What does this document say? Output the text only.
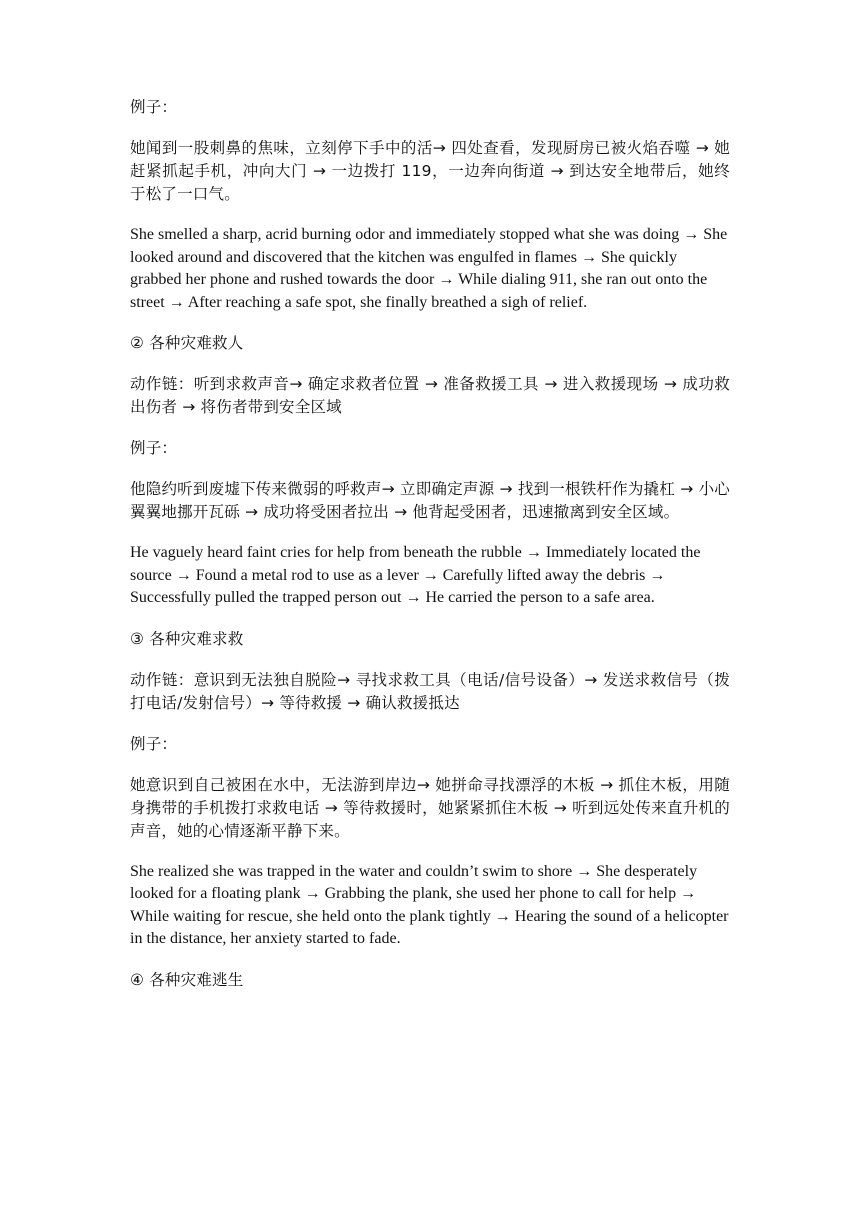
例子：

她闻到一股刺鼻的焦味，立刻停下手中的活→ 四处查看，发现厨房已被火焰吞噬 → 她赶紧抓起手机，冲向大门 → 一边拨打 119，一边奔向街道 → 到达安全地带后，她终于松了一口气。

She smelled a sharp, acrid burning odor and immediately stopped what she was doing → She looked around and discovered that the kitchen was engulfed in flames → She quickly grabbed her phone and rushed towards the door → While dialing 911, she ran out onto the street → After reaching a safe spot, she finally breathed a sigh of relief.

② 各种灾难救人

动作链：听到求救声音→ 确定求救者位置 → 准备救援工具 → 进入救援现场 → 成功救出伤者 → 将伤者带到安全区域

例子：

他隐约听到废墟下传来微弱的呼救声→ 立即确定声源 → 找到一根铁杆作为撬杠 → 小心翼翼地挪开瓦砾 → 成功将受困者拉出 → 他背起受困者，迅速撤离到安全区域。

He vaguely heard faint cries for help from beneath the rubble → Immediately located the source → Found a metal rod to use as a lever → Carefully lifted away the debris → Successfully pulled the trapped person out → He carried the person to a safe area.

③ 各种灾难求救

动作链：意识到无法独自脱险→ 寻找求救工具（电话/信号设备）→ 发送求救信号（拨打电话/发射信号）→ 等待救援 → 确认救援抵达

例子：

她意识到自己被困在水中，无法游到岸边→ 她拼命寻找漂浮的木板 → 抓住木板，用随身携带的手机拨打求救电话 → 等待救援时，她紧紧抓住木板 → 听到远处传来直升机的声音，她的心情逐渐平静下来。

She realized she was trapped in the water and couldn’t swim to shore → She desperately looked for a floating plank → Grabbing the plank, she used her phone to call for help → While waiting for rescue, she held onto the plank tightly → Hearing the sound of a helicopter in the distance, her anxiety started to fade.

④ 各种灾难逃生
